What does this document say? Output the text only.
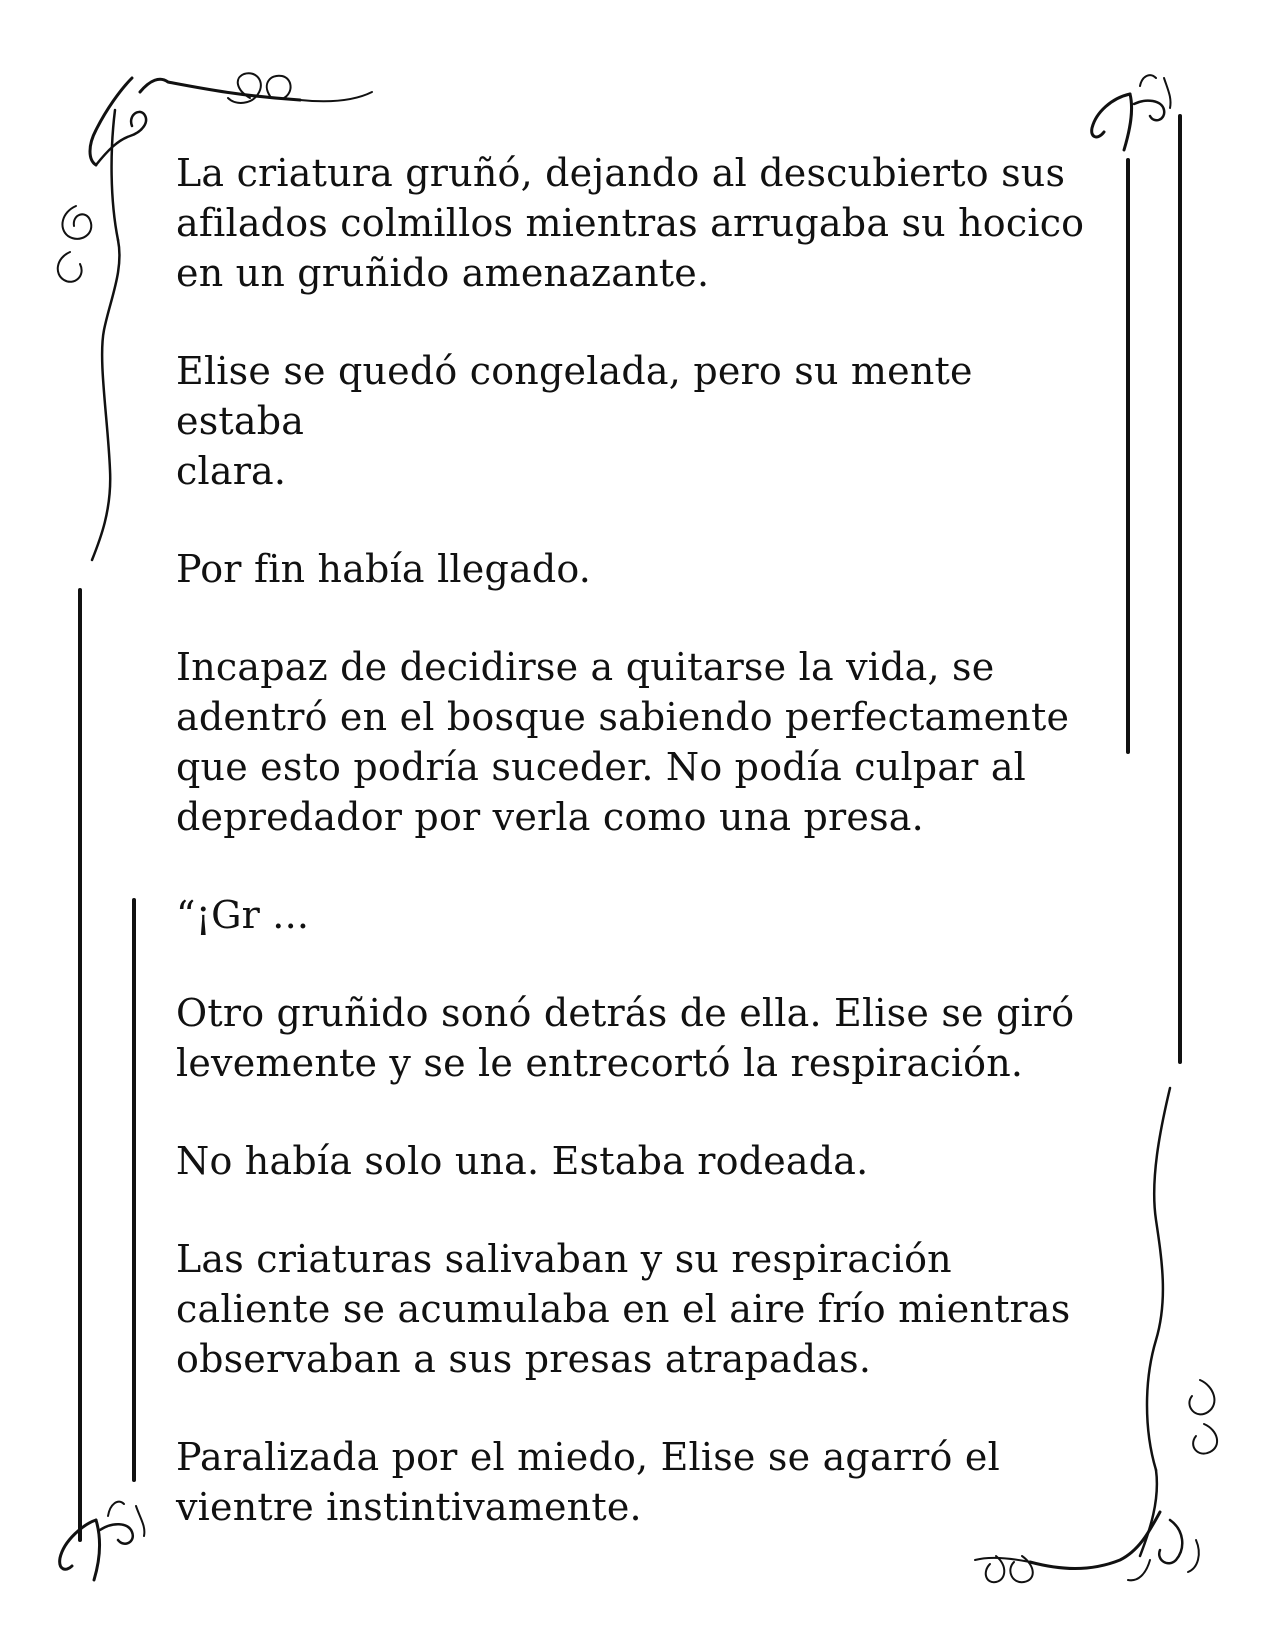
La criatura gruñó, dejando al descubierto sus
afilados colmillos mientras arrugaba su hocico
en un gruñido amenazante.

Elise se quedó congelada, pero su mente estaba
clara.

Por fin había llegado.

Incapaz de decidirse a quitarse la vida, se
adentró en el bosque sabiendo perfectamente
que esto podría suceder. No podía culpar al
depredador por verla como una presa.

“¡Gr ...

Otro gruñido sonó detrás de ella. Elise se giró
levemente y se le entrecortó la respiración.

No había solo una. Estaba rodeada.

Las criaturas salivaban y su respiración
caliente se acumulaba en el aire frío mientras
observaban a sus presas atrapadas.

Paralizada por el miedo, Elise se agarró el
vientre instintivamente.
